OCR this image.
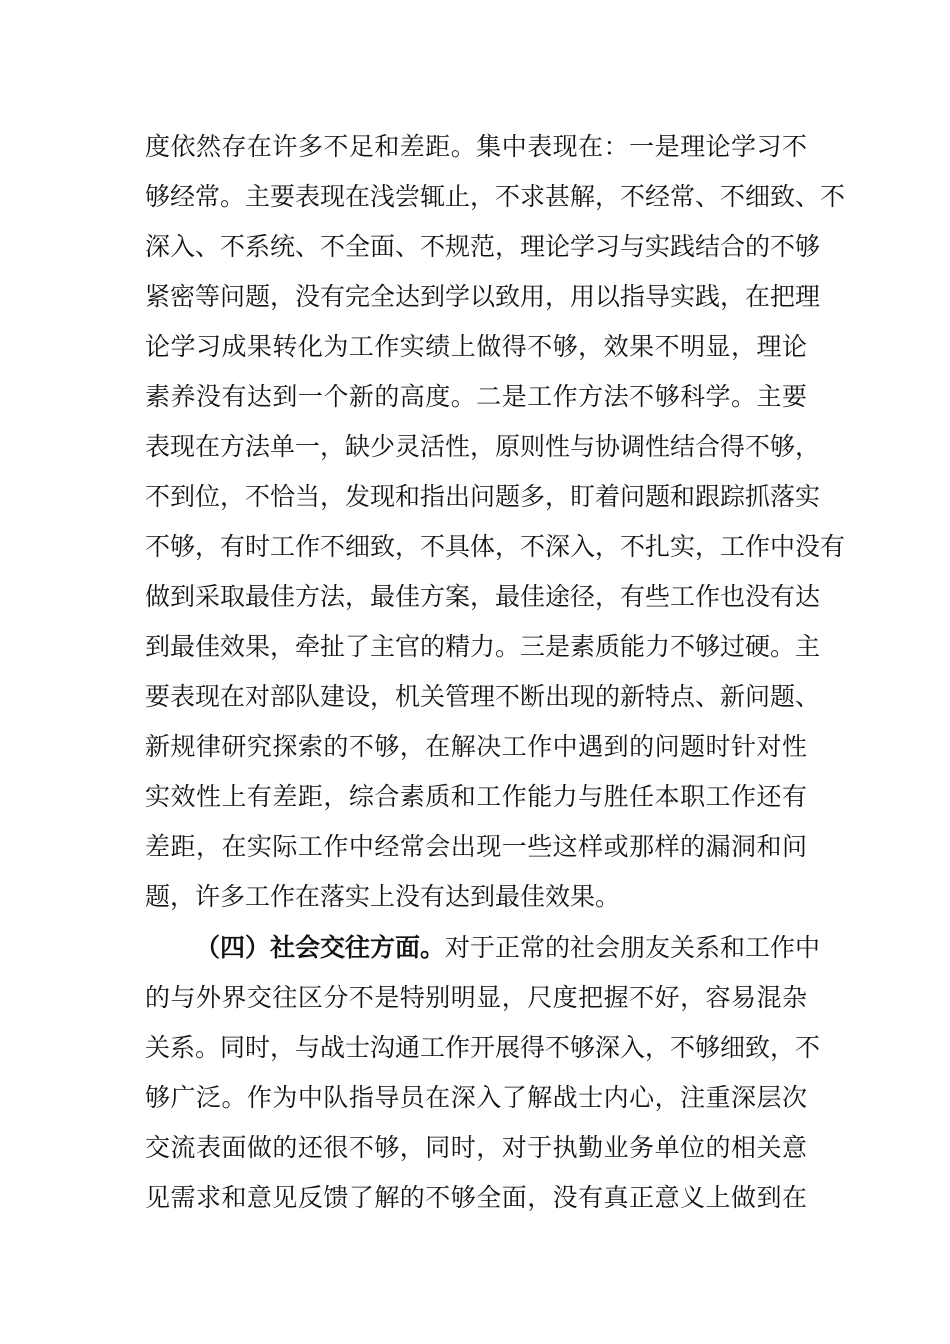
度依然存在许多不足和差距。集中表现在：一是理论学习不
够经常。主要表现在浅尝辄止，不求甚解，不经常、不细致、不
深入、不系统、不全面、不规范，理论学习与实践结合的不够
紧密等问题，没有完全达到学以致用，用以指导实践，在把理
论学习成果转化为工作实绩上做得不够，效果不明显，理论
素养没有达到一个新的高度。二是工作方法不够科学。主要
表现在方法单一，缺少灵活性，原则性与协调性结合得不够，
不到位，不恰当，发现和指出问题多，盯着问题和跟踪抓落实
不够，有时工作不细致，不具体，不深入，不扎实，工作中没有
做到采取最佳方法，最佳方案，最佳途径，有些工作也没有达
到最佳效果，牵扯了主官的精力。三是素质能力不够过硬。主
要表现在对部队建设，机关管理不断出现的新特点、新问题、
新规律研究探索的不够，在解决工作中遇到的问题时针对性
实效性上有差距，综合素质和工作能力与胜任本职工作还有
差距，在实际工作中经常会出现一些这样或那样的漏洞和问
题，许多工作在落实上没有达到最佳效果。
（四）社会交往方面。对于正常的社会朋友关系和工作中
的与外界交往区分不是特别明显，尺度把握不好，容易混杂
关系。同时，与战士沟通工作开展得不够深入，不够细致，不
够广泛。作为中队指导员在深入了解战士内心，注重深层次
交流表面做的还很不够，同时，对于执勤业务单位的相关意
见需求和意见反馈了解的不够全面，没有真正意义上做到在
